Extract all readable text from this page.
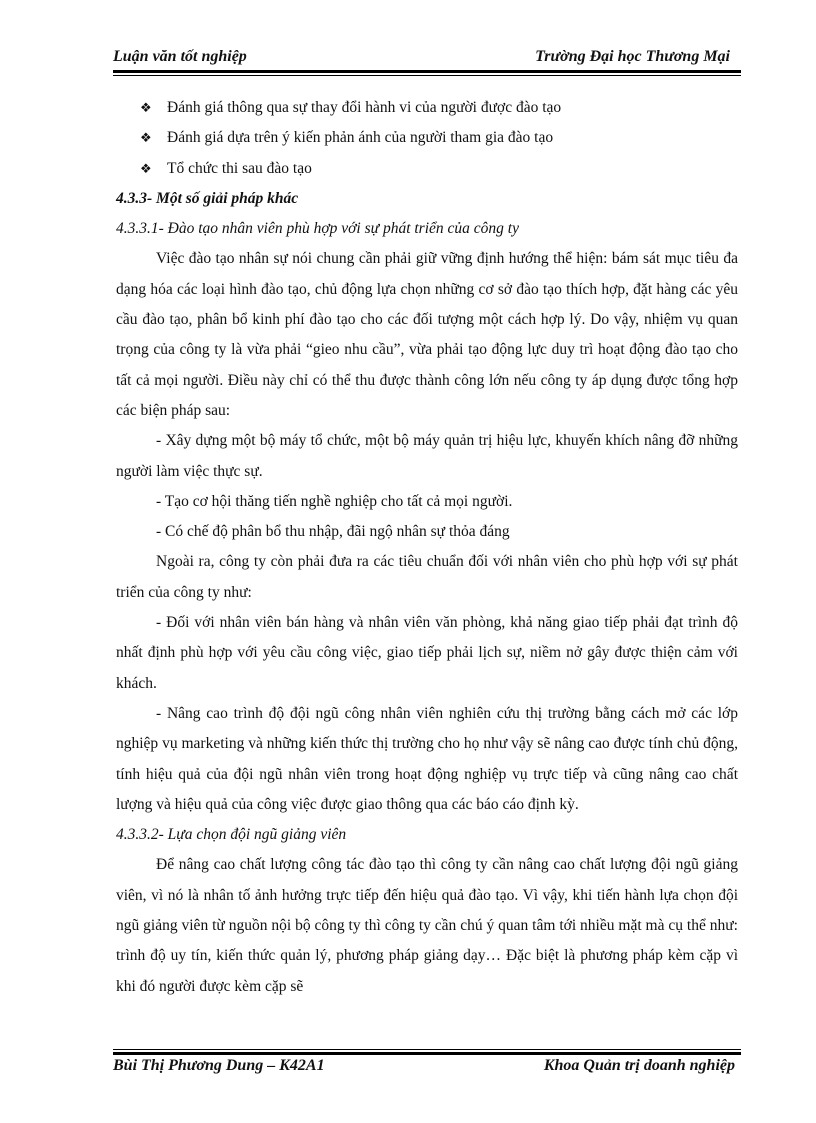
Luận văn tốt nghiệp	Trường Đại học Thương Mại
❖ Đánh giá thông qua sự thay đổi hành vi của người được đào tạo
❖ Đánh giá dựa trên ý kiến phản ánh của người tham gia đào tạo
❖ Tổ chức thi sau đào tạo
4.3.3- Một số giải pháp khác
4.3.3.1- Đào tạo nhân viên phù hợp với sự phát triển của công ty
Việc đào tạo nhân sự nói chung cần phải giữ vững định hướng thể hiện: bám sát mục tiêu đa dạng hóa các loại hình đào tạo, chủ động lựa chọn những cơ sở đào tạo thích hợp, đặt hàng các yêu cầu đào tạo, phân bổ kinh phí đào tạo cho các đối tượng một cách hợp lý. Do vậy, nhiệm vụ quan trọng của công ty là vừa phải “gieo nhu cầu”, vừa phải tạo động lực duy trì hoạt động đào tạo cho tất cả mọi người. Điều này chỉ có thể thu được thành công lớn nếu công ty áp dụng được tổng hợp các biện pháp sau:
- Xây dựng một bộ máy tổ chức, một bộ máy quản trị hiệu lực, khuyến khích nâng đỡ những người làm việc thực sự.
- Tạo cơ hội thăng tiến nghề nghiệp cho tất cả mọi người.
- Có chế độ phân bổ thu nhập, đãi ngộ nhân sự thỏa đáng
Ngoài ra, công ty còn phải đưa ra các tiêu chuẩn đối với nhân viên cho phù hợp với sự phát triển của công ty như:
- Đối với nhân viên bán hàng và nhân viên văn phòng, khả năng giao tiếp phải đạt trình độ nhất định phù hợp với yêu cầu công việc, giao tiếp phải lịch sự, niềm nở gây được thiện cảm với khách.
- Nâng cao trình độ đội ngũ công nhân viên nghiên cứu thị trường bằng cách mở các lớp nghiệp vụ marketing và những kiến thức thị trường cho họ như vậy sẽ nâng cao được tính chủ động, tính hiệu quả của đội ngũ nhân viên trong hoạt động nghiệp vụ trực tiếp và cũng nâng cao chất lượng và hiệu quả của công việc được giao thông qua các báo cáo định kỳ.
4.3.3.2- Lựa chọn đội ngũ giảng viên
Để nâng cao chất lượng công tác đào tạo thì công ty cần nâng cao chất lượng đội ngũ giảng viên, vì nó là nhân tố ảnh hưởng trực tiếp đến hiệu quả đào tạo. Vì vậy, khi tiến hành lựa chọn đội ngũ giảng viên từ nguồn nội bộ công ty thì công ty cần chú ý quan tâm tới nhiều mặt mà cụ thể như: trình độ uy tín, kiến thức quản lý, phương pháp giảng dạy… Đặc biệt là phương pháp kèm cặp vì khi đó người được kèm cặp sẽ
Bùi Thị Phương Dung – K42A1	Khoa Quản trị doanh nghiệp
